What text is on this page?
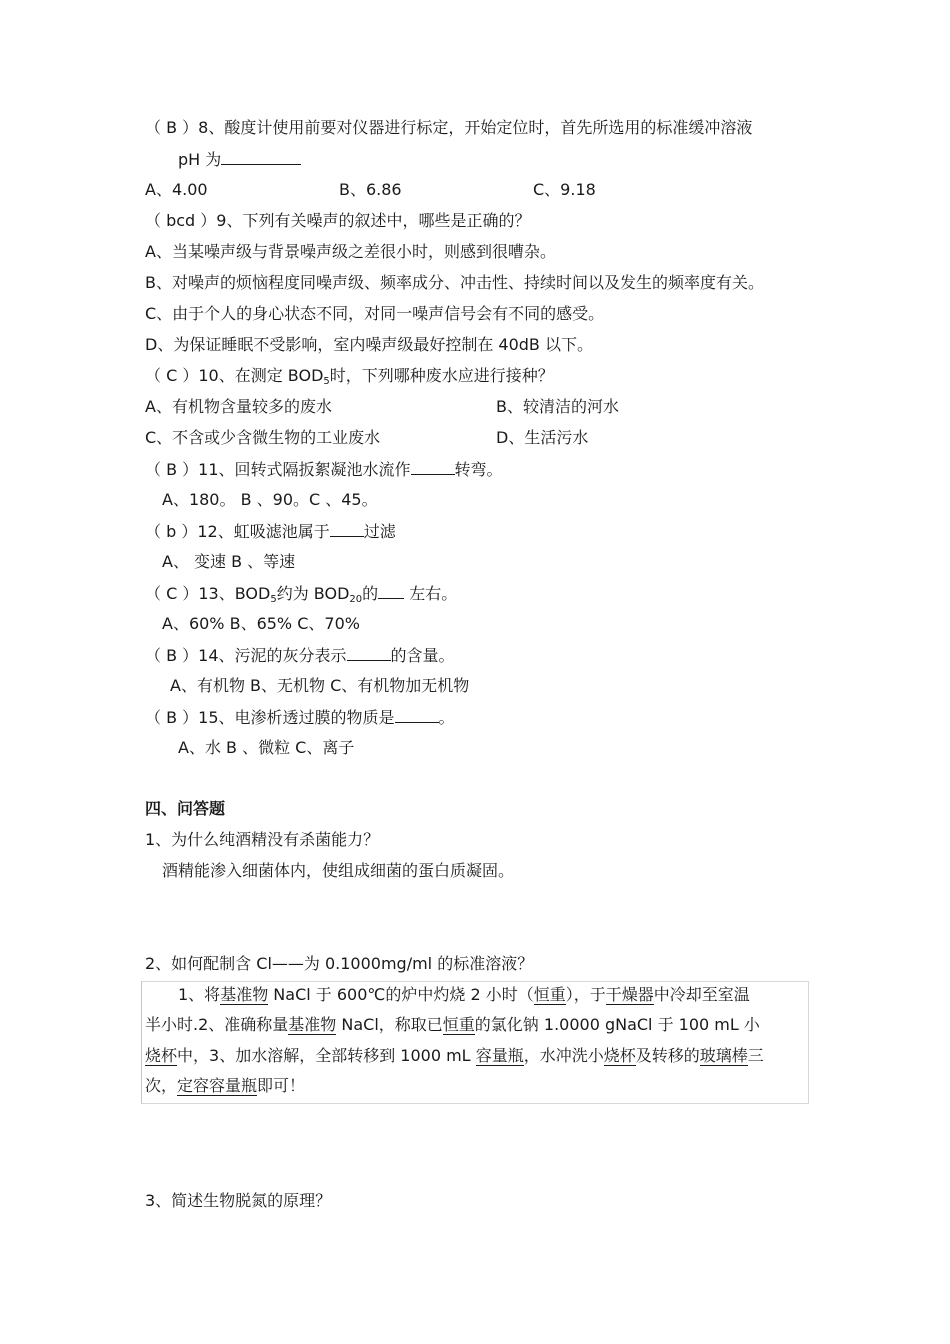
（ B ）8、酸度计使用前要对仪器进行标定，开始定位时，首先所选用的标准缓冲溶液
pH 为
A、4.00	B、6.86	C、9.18
（ bcd ）9、下列有关噪声的叙述中，哪些是正确的？
A、当某噪声级与背景噪声级之差很小时，则感到很嘈杂。
B、对噪声的烦恼程度同噪声级、频率成分、冲击性、持续时间以及发生的频率度有关。
C、由于个人的身心状态不同，对同一噪声信号会有不同的感受。
D、为保证睡眠不受影响，室内噪声级最好控制在 40dB 以下。
（ C ）10、在测定 $BOD_5$时，下列哪种废水应进行接种？
A、有机物含量较多的废水	B、较清洁的河水
C、不含或少含微生物的工业废水	D、生活污水
（ B ）11、回转式隔扳絮凝池水流作	转弯。
A、180。 B 、90。C 、45。
（ b ）12、虹吸滤池属于 过滤
A、 变速 B 、等速
（ C ）13、$BOD_5$约为 $BOD_{20}$的 左右。
A、60% B、65% C、70%
（ B ）14、污泥的灰分表示	的含量。
A、有机物 B、无机物 C、有机物加无机物
（ B ）15、电渗析透过膜的物质是	。
A、水 B 、微粒 C、离子
四、问答题
1、为什么纯酒精没有杀菌能力？
酒精能渗入细菌体内，使组成细菌的蛋白质凝固。
2、如何配制含 Cl——为 0.1000mg/ml 的标准溶液？
1、将基准物 NaCl 于 600℃的炉中灼烧 2 小时（恒重），于干燥器中冷却至室温
半小时.2、准确称量基准物 NaCl，称取已恒重的氯化钠 1.0000 gNaCl 于 100 mL 小
烧杯中，3、加水溶解，全部转移到 1000 mL 容量瓶，水冲洗小烧杯及转移的玻璃棒三
次，定容容量瓶即可！
3、简述生物脱氮的原理？
